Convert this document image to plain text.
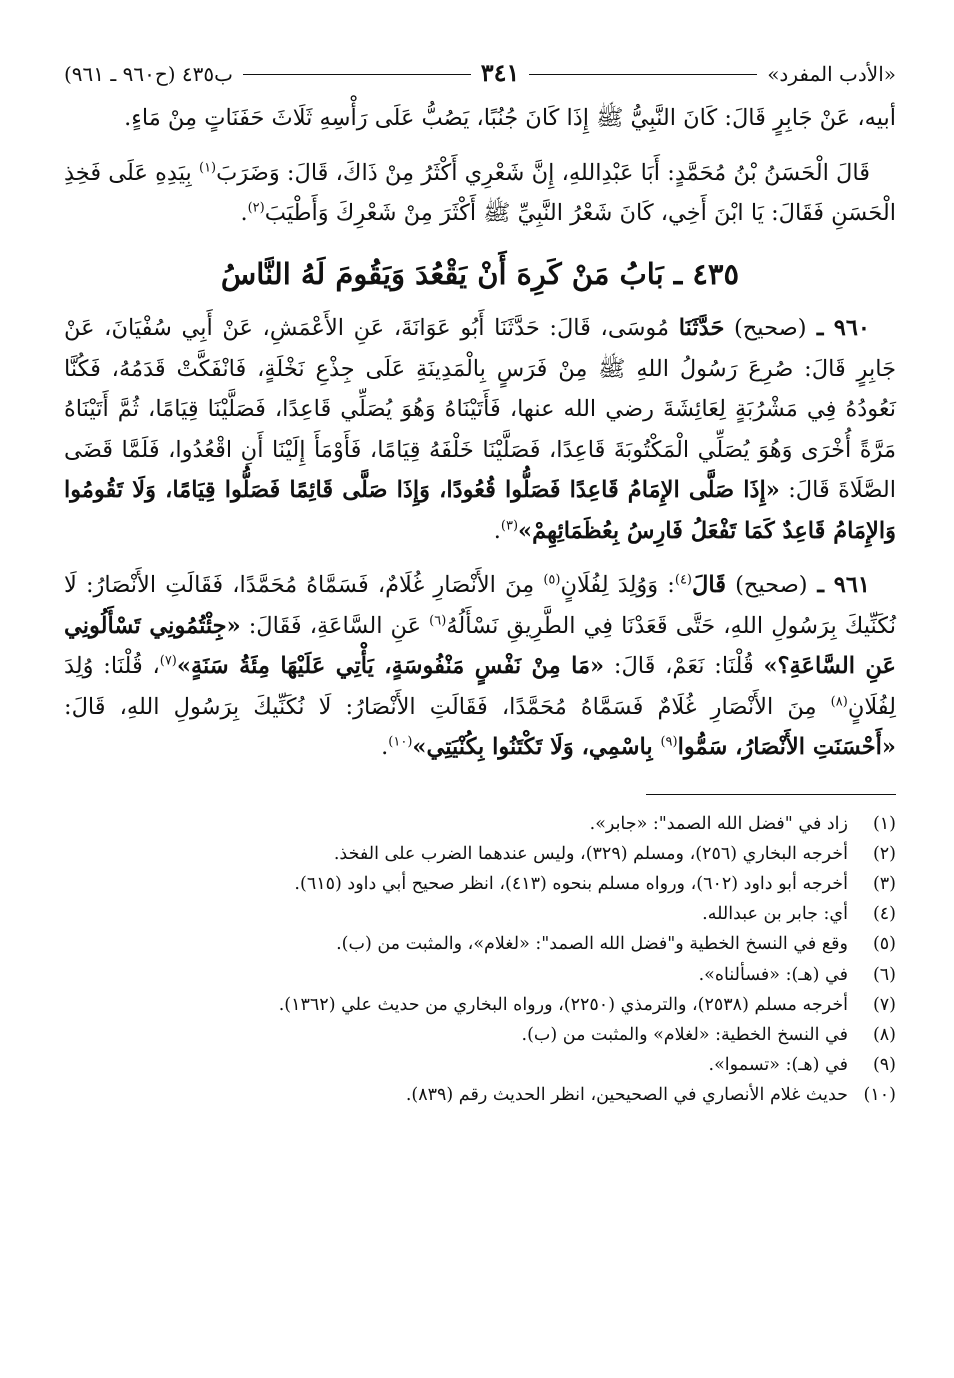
«الأدب المفرد»
٣٤١
ب٤٣٥ (ح٩٦٠ ـ ٩٦١)

أبيه، عَنْ جَابِرٍ قَالَ: كَانَ النَّبِيُّ ﷺ إِذَا كَانَ جُنُبًا، يَصُبُّ عَلَى رَأْسِهِ ثَلَاثَ حَفَنَاتٍ مِنْ مَاءٍ.

قَالَ الْحَسَنُ بْنُ مُحَمَّدٍ: أَبَا عَبْدِاللهِ، إِنَّ شَعْرِي أَكْثَرُ مِنْ ذَاكَ، قَالَ: وَضَرَبَ$^{(١)}$ بِيَدِهِ عَلَى فَخِذِ الْحَسَنِ فَقَالَ: يَا ابْنَ أَخِي، كَانَ شَعْرُ النَّبِيِّ ﷺ أَكْثَرَ مِنْ شَعْرِكَ وَأَطْيَبَ$^{(٢)}$.

٤٣٥ ـ بَابُ مَنْ كَرِهَ أَنْ يَقْعُدَ وَيَقُومَ لَهُ النَّاسُ

٩٦٠ ـ (صحيح) حَدَّثَنَا مُوسَى، قَالَ: حَدَّثَنَا أَبُو عَوَانَةَ، عَنِ الأَعْمَشِ، عَنْ أَبِي سُفْيَانَ، عَنْ جَابِرٍ قَالَ: صُرِعَ رَسُولُ اللهِ ﷺ مِنْ فَرَسٍ بِالْمَدِينَةِ عَلَى جِذْعِ نَخْلَةٍ، فَانْفَكَّتْ قَدَمُهُ، فَكُنَّا نَعُودُهُ فِي مَشْرُبَةٍ لِعَائِشَةَ رضي الله عنها، فَأَتَيْنَاهُ وَهُوَ يُصَلِّي قَاعِدًا، فَصَلَّيْنَا قِيَامًا، ثُمَّ أَتَيْنَاهُ مَرَّةً أُخْرَى وَهُوَ يُصَلِّي الْمَكْتُوبَةَ قَاعِدًا، فَصَلَّيْنَا خَلْفَهُ قِيَامًا، فَأَوْمَأَ إِلَيْنَا أَنِ اقْعُدُوا، فَلَمَّا قَضَى الصَّلَاةَ قَالَ: «إِذَا صَلَّى الإِمَامُ قَاعِدًا فَصَلُّوا قُعُودًا، وَإِذَا صَلَّى قَائِمًا فَصَلُّوا قِيَامًا، وَلَا تَقُومُوا وَالإِمَامُ قَاعِدٌ كَمَا تَفْعَلُ فَارِسُ بِعُظَمَائِهِمْ»$^{(٣)}$.

٩٦١ ـ (صحيح) قَالَ$^{(٤)}$: وَوُلِدَ لِفُلَانٍ$^{(٥)}$ مِنَ الأَنْصَارِ غُلَامٌ، فَسَمَّاهُ مُحَمَّدًا، فَقَالَتِ الأَنْصَارُ: لَا نُكَنِّيكَ بِرَسُولِ اللهِ، حَتَّى قَعَدْنَا فِي الطَّرِيقِ نَسْأَلُهُ$^{(٦)}$ عَنِ السَّاعَةِ، فَقَالَ: «جِئْتُمُونِي تَسْأَلُونِي عَنِ السَّاعَةِ؟» قُلْنَا: نَعَمْ، قَالَ: «مَا مِنْ نَفْسٍ مَنْفُوسَةٍ، يَأْتِي عَلَيْهَا مِئَةُ سَنَةٍ»$^{(٧)}$، قُلْنَا: وُلِدَ لِفُلَانٍ$^{(٨)}$ مِنَ الأَنْصَارِ غُلَامٌ فَسَمَّاهُ مُحَمَّدًا، فَقَالَتِ الأَنْصَارُ: لَا نُكَنِّيكَ بِرَسُولِ اللهِ، قَالَ: «أَحْسَنَتِ الأَنْصَارُ، سَمُّوا$^{(٩)}$ بِاسْمِي، وَلَا تَكْتَنُوا بِكُنْيَتِي»$^{(١٠)}$.

(١)
زاد في "فضل الله الصمد": «جابر».
(٢)
أخرجه البخاري (٢٥٦)، ومسلم (٣٢٩)، وليس عندهما الضرب على الفخذ.
(٣)
أخرجه أبو داود (٦٠٢)، ورواه مسلم بنحوه (٤١٣)، انظر صحيح أبي داود (٦١٥).
(٤)
أي: جابر بن عبدالله.
(٥)
وقع في النسخ الخطية و"فضل الله الصمد": «لغلام»، والمثبت من (ب).
(٦)
في (هـ): «فسألناه».
(٧)
أخرجه مسلم (٢٥٣٨)، والترمذي (٢٢٥٠)، ورواه البخاري من حديث علي (١٣٦٢).
(٨)
في النسخ الخطية: «لغلام» والمثبت من (ب).
(٩)
في (هـ): «تسموا».
(١٠)
حديث غلام الأنصاري في الصحيحين، انظر الحديث رقم (٨٣٩).
